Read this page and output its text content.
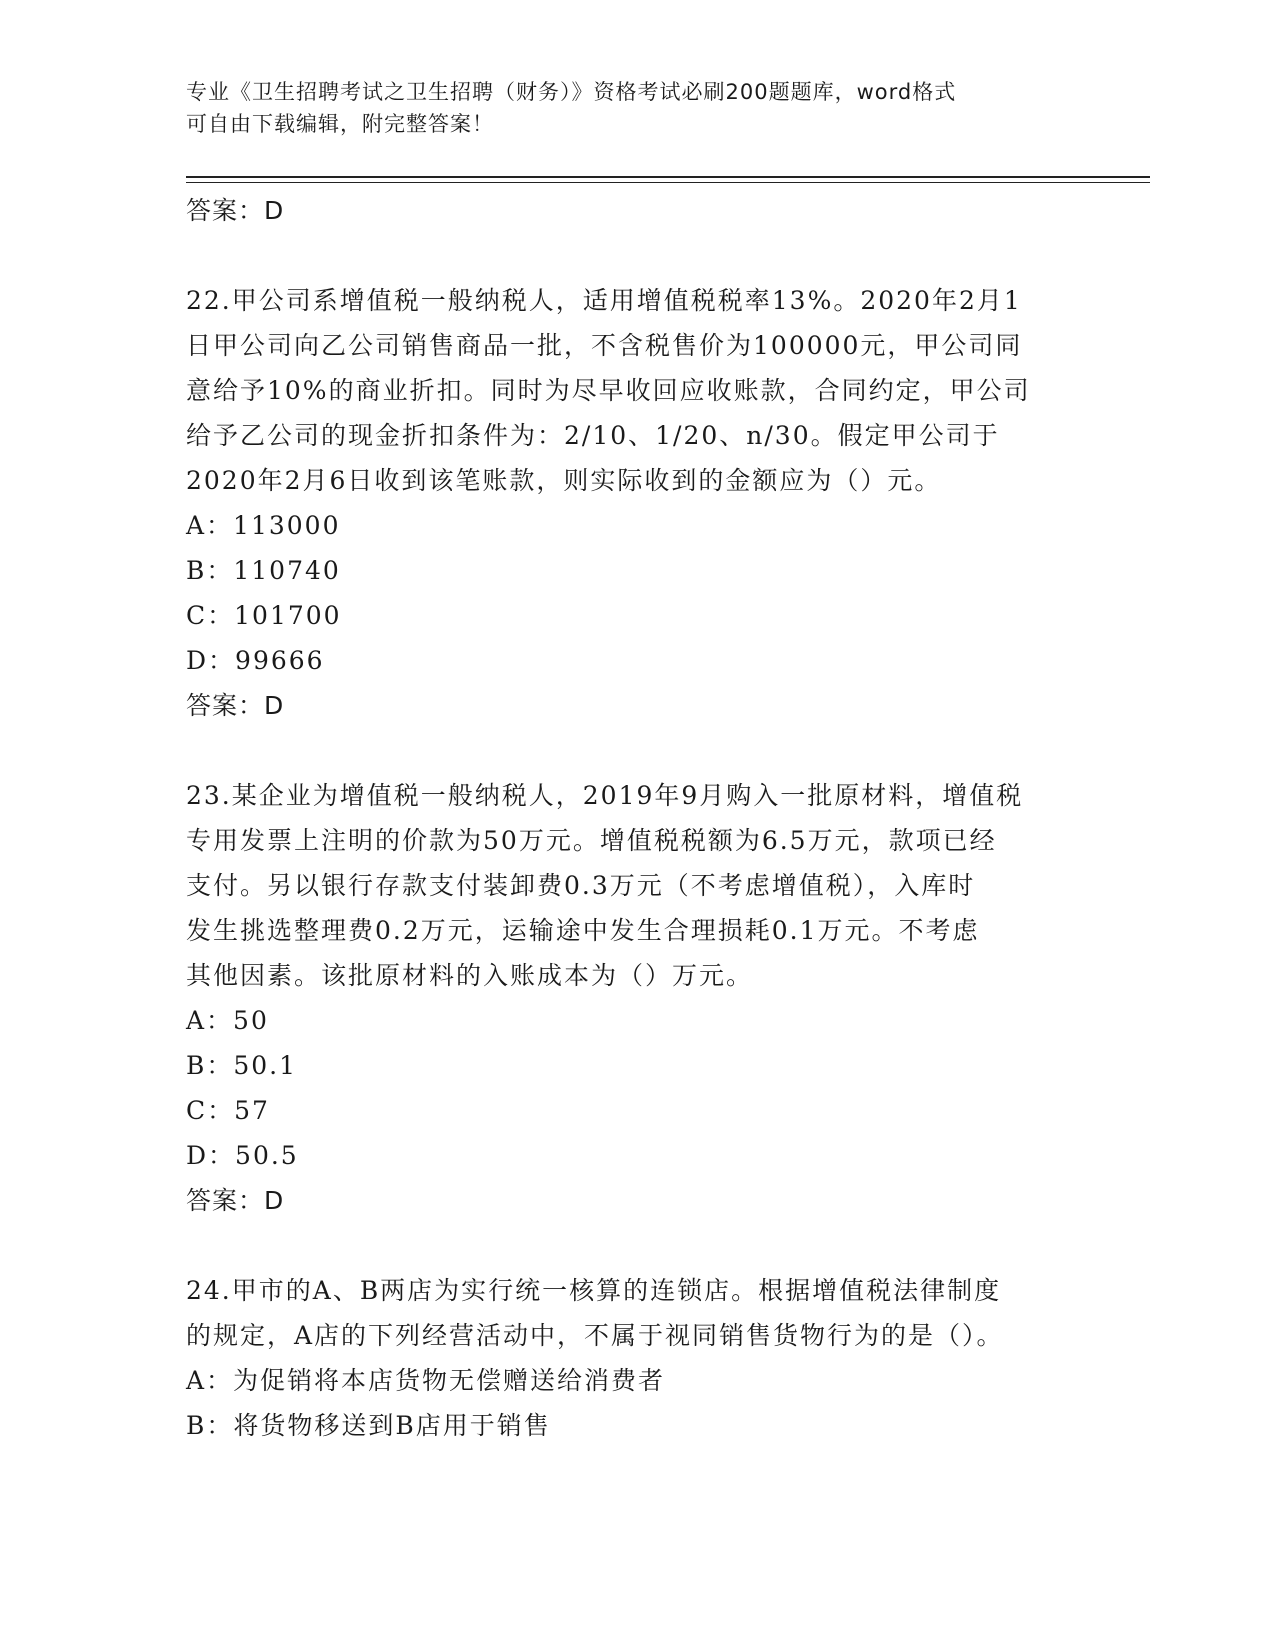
专业《卫生招聘考试之卫生招聘（财务）》资格考试必刷200题题库，word格式
可自由下载编辑，附完整答案！
答案：D
22.甲公司系增值税一般纳税人，适用增值税税率13%。2020年2月1
日甲公司向乙公司销售商品一批，不含税售价为100000元，甲公司同
意给予10%的商业折扣。同时为尽早收回应收账款，合同约定，甲公司
给予乙公司的现金折扣条件为：2/10、1/20、n/30。假定甲公司于
2020年2月6日收到该笔账款，则实际收到的金额应为（）元。
A：113000
B：110740
C：101700
D：99666
答案：D
23.某企业为增值税一般纳税人，2019年9月购入一批原材料，增值税
专用发票上注明的价款为50万元。增值税税额为6.5万元，款项已经
支付。另以银行存款支付装卸费0.3万元（不考虑增值税），入库时
发生挑选整理费0.2万元，运输途中发生合理损耗0.1万元。不考虑
其他因素。该批原材料的入账成本为（）万元。
A：50
B：50.1
C：57
D：50.5
答案：D
24.甲市的A、B两店为实行统一核算的连锁店。根据增值税法律制度
的规定，A店的下列经营活动中，不属于视同销售货物行为的是（）。
A：为促销将本店货物无偿赠送给消费者
B：将货物移送到B店用于销售
